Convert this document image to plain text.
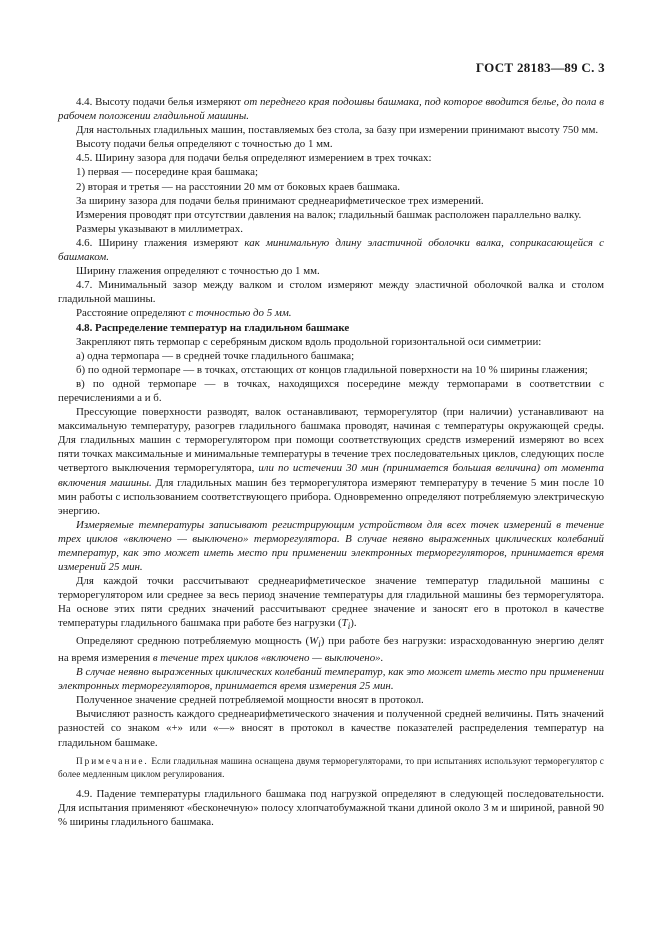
ГОСТ 28183—89 С. 3

4.4. Высоту подачи белья измеряют от переднего края подошвы башмака, под которое вводится белье, до пола в рабочем положении гладильной машины.

Для настольных гладильных машин, поставляемых без стола, за базу при измерении принимают высоту 750 мм.

Высоту подачи белья определяют с точностью до 1 мм.

4.5. Ширину зазора для подачи белья определяют измерением в трех точках:

1) первая — посередине края башмака;

2) вторая и третья — на расстоянии 20 мм от боковых краев башмака.

За ширину зазора для подачи белья принимают среднеарифметическое трех измерений.

Измерения проводят при отсутствии давления на валок; гладильный башмак расположен параллельно валку.

Размеры указывают в миллиметрах.

4.6. Ширину глажения измеряют как минимальную длину эластичной оболочки валка, соприкасающейся с башмаком.

Ширину глажения определяют с точностью до 1 мм.

4.7. Минимальный зазор между валком и столом измеряют между эластичной оболочкой валка и столом гладильной машины.

Расстояние определяют с точностью до 5 мм.

4.8. Распределение температур на гладильном башмаке

Закрепляют пять термопар с серебряным диском вдоль продольной горизонтальной оси симметрии:

а) одна термопара — в средней точке гладильного башмака;

б) по одной термопаре — в точках, отстающих от концов гладильной поверхности на 10 % ширины глажения;

в) по одной термопаре — в точках, находящихся посередине между термопарами в соответствии с перечислениями а и б.

Прессующие поверхности разводят, валок останавливают, терморегулятор (при наличии) устанавливают на максимальную температуру, разогрев гладильного башмака проводят, начиная с температуры окружающей среды. Для гладильных машин с терморегулятором при помощи соответствующих средств измерений измеряют во всех пяти точках максимальные и минимальные температуры в течение трех последовательных циклов, следующих после четвертого выключения терморегулятора, или по истечении 30 мин (принимается большая величина) от момента включения машины. Для гладильных машин без терморегулятора измеряют температуру в течение 5 мин после 10 мин работы с использованием соответствующего прибора. Одновременно определяют потребляемую электрическую энергию.

Измеряемые температуры записывают регистрирующим устройством для всех точек измерений в течение трех циклов «включено — выключено» терморегулятора. В случае неявно выраженных циклических колебаний температур, как это может иметь место при применении электронных терморегуляторов, принимается время измерений 25 мин.

Для каждой точки рассчитывают среднеарифметическое значение температур гладильной машины с терморегулятором или среднее за весь период значение температуры для гладильной машины без терморегулятора. На основе этих пяти средних значений рассчитывают среднее значение и заносят его в протокол в качестве температуры гладильного башмака при работе без нагрузки $(T_i)$.

Определяют среднюю потребляемую мощность $(W_i)$ при работе без нагрузки: израсходованную энергию делят на время измерения в течение трех циклов «включено — выключено».

В случае неявно выраженных циклических колебаний температур, как это может иметь место при применении электронных терморегуляторов, принимается время измерения 25 мин.

Полученное значение средней потребляемой мощности вносят в протокол.

Вычисляют разность каждого среднеарифметического значения и полученной средней величины. Пять значений разностей со знаком «+» или «—» вносят в протокол в качестве показателей распределения температур на гладильном башмаке.

Примечание. Если гладильная машина оснащена двумя терморегуляторами, то при испытаниях используют терморегулятор с более медленным циклом регулирования.

4.9. Падение температуры гладильного башмака под нагрузкой определяют в следующей последовательности. Для испытания применяют «бесконечную» полосу хлопчатобумажной ткани длиной около 3 м и шириной, равной 90 % ширины гладильного башмака.
